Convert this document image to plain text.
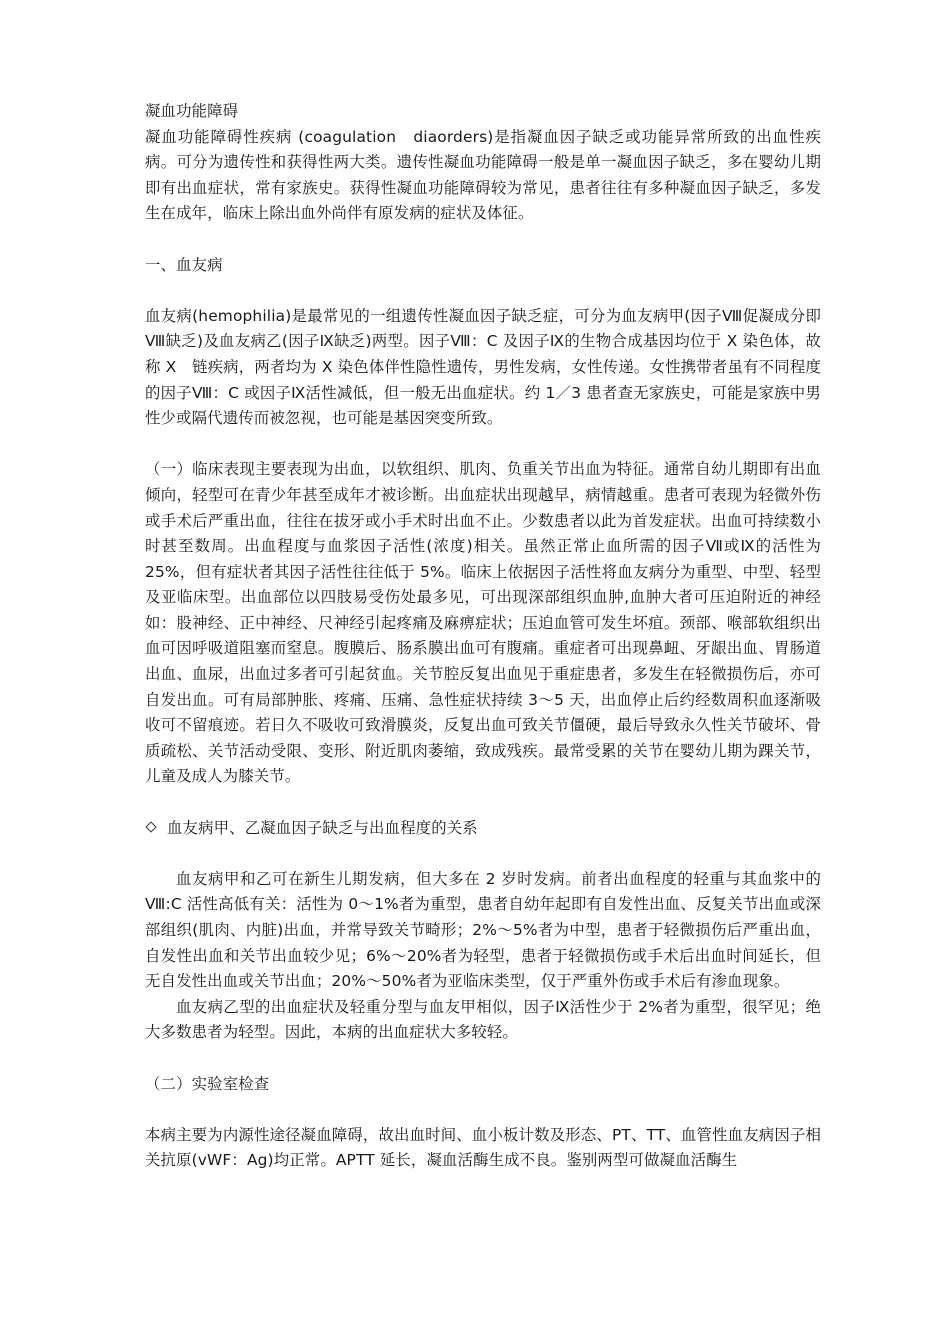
凝血功能障碍

凝血功能障碍性疾病 (coagulation　diaorders)是指凝血因子缺乏或功能异常所致的出血性疾病。可分为遗传性和获得性两大类。遗传性凝血功能障碍一般是单一凝血因子缺乏，多在婴幼儿期即有出血症状，常有家族史。获得性凝血功能障碍较为常见，患者往往有多种凝血因子缺乏，多发生在成年，临床上除出血外尚伴有原发病的症状及体征。

一、血友病

血友病(hemophilia)是最常见的一组遗传性凝血因子缺乏症，可分为血友病甲(因子Ⅷ促凝成分即Ⅷ缺乏)及血友病乙(因子Ⅸ缺乏)两型。因子Ⅷ：C 及因子Ⅸ的生物合成基因均位于 X 染色体，故称 X　链疾病，两者均为 X 染色体伴性隐性遗传，男性发病，女性传递。女性携带者虽有不同程度的因子Ⅷ：C 或因子Ⅸ活性减低，但一般无出血症状。约 1／3 患者查无家族史，可能是家族中男性少或隔代遗传而被忽视，也可能是基因突变所致。

（一）临床表现主要表现为出血，以软组织、肌肉、负重关节出血为特征。通常自幼儿期即有出血倾向，轻型可在青少年甚至成年才被诊断。出血症状出现越早，病情越重。患者可表现为轻微外伤或手术后严重出血，往往在拔牙或小手术时出血不止。少数患者以此为首发症状。出血可持续数小时甚至数周。出血程度与血浆因子活性(浓度)相关。虽然正常止血所需的因子Ⅶ或Ⅸ的活性为 25%，但有症状者其因子活性往往低于 5%。临床上依据因子活性将血友病分为重型、中型、轻型及亚临床型。出血部位以四肢易受伤处最多见，可出现深部组织血肿,血肿大者可压迫附近的神经如：股神经、正中神经、尺神经引起疼痛及麻痹症状；压迫血管可发生坏疽。颈部、喉部软组织出血可因呼吸道阻塞而窒息。腹膜后、肠系膜出血可有腹痛。重症者可出现鼻衄、牙龈出血、胃肠道出血、血尿，出血过多者可引起贫血。关节腔反复出血见于重症患者，多发生在轻微损伤后，亦可自发出血。可有局部肿胀、疼痛、压痛、急性症状持续 3～5 天，出血停止后约经数周积血逐渐吸收可不留痕迹。若日久不吸收可致滑膜炎，反复出血可致关节僵硬，最后导致永久性关节破坏、骨质疏松、关节活动受限、变形、附近肌肉萎缩，致成残疾。最常受累的关节在婴幼儿期为踝关节，儿童及成人为膝关节。

血友病甲、乙凝血因子缺乏与出血程度的关系

血友病甲和乙可在新生儿期发病，但大多在 2 岁时发病。前者出血程度的轻重与其血浆中的Ⅷ:C 活性高低有关：活性为 0～1%者为重型，患者自幼年起即有自发性出血、反复关节出血或深部组织(肌肉、内脏)出血，并常导致关节畸形；2%～5%者为中型，患者于轻微损伤后严重出血，自发性出血和关节出血较少见；6%～20%者为轻型，患者于轻微损伤或手术后出血时间延长，但无自发性出血或关节出血；20%～50%者为亚临床类型，仅于严重外伤或手术后有渗血现象。

血友病乙型的出血症状及轻重分型与血友甲相似，因子Ⅸ活性少于 2%者为重型，很罕见；绝大多数患者为轻型。因此，本病的出血症状大多较轻。

（二）实验室检查

本病主要为内源性途径凝血障碍，故出血时间、血小板计数及形态、PT、TT、血管性血友病因子相关抗原(vWF：Ag)均正常。APTT 延长，凝血活酶生成不良。鉴别两型可做凝血活酶生
